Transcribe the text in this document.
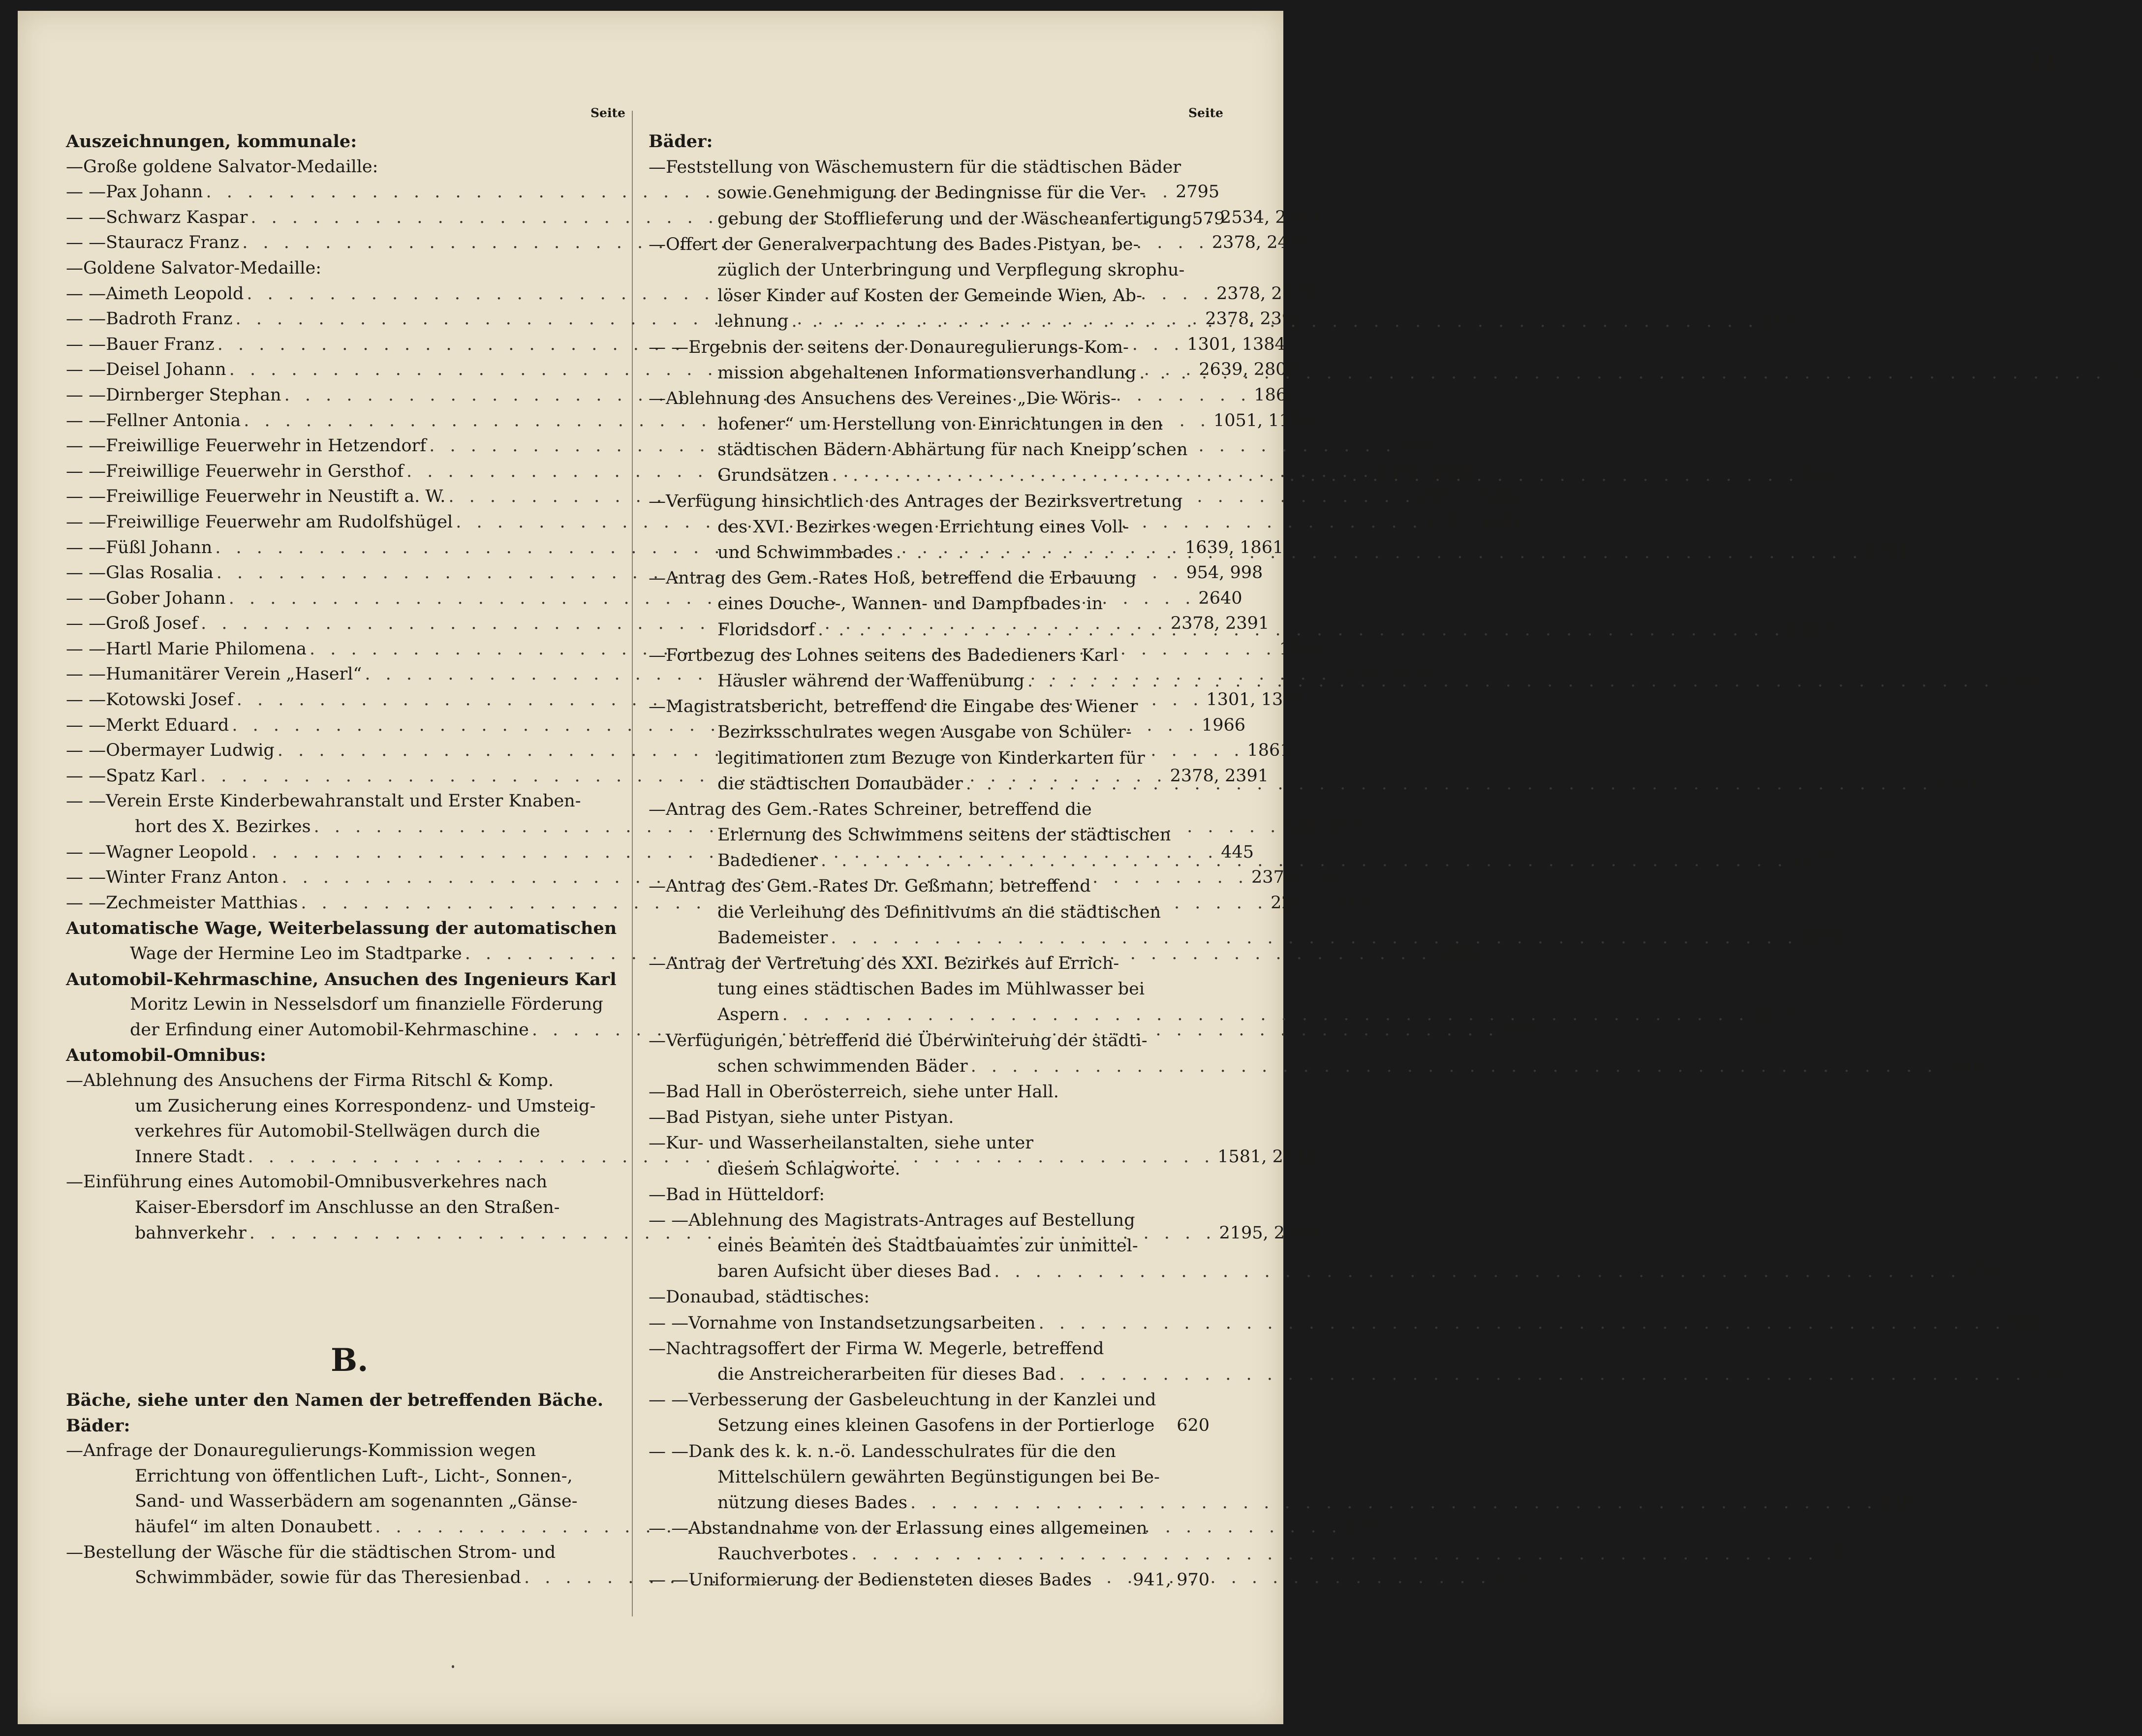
21
Seite	Seite
Auszeichnungen, kommunale:
— Große goldene Salvator-Medaille:
— — Pax Johann . . .	2795
— — Schwarz Kaspar . . .	2534, 2593
— — Stauracz Franz . . .	2378, 2414
— Goldene Salvator-Medaille:
— — Aimeth Leopold . . .	2378, 2379
— — Badroth Franz . . .	2378, 2391
— — Bauer Franz . . .	1301, 1384
— — Deisel Johann . . .	2639, 2802
— — Dirnberger Stephan . . .	1861
— — Fellner Antonia . . .	1051, 1180
— — Freiwillige Feuerwehr in Hetzendorf . . .	1861
— — Freiwillige Feuerwehr in Gersthof . . .	2471, 2568
— — Freiwillige Feuerwehr in Neustift a. W. . . .	2471, 2568
— — Freiwillige Feuerwehr am Rudolfshügel . . .	1721, 1861
— — Füßl Johann . . .	1639, 1861
— — Glas Rosalia . . .	954, 998
— — Gober Johann . . .	2640
— — Groß Josef . . .	2378, 2391
— — Hartl Marie Philomena . . .	1861
— — Humanitärer Verein „Haserl“ . . .	2639, 2826
— — Kotowski Josef . . .	1301, 1361
— — Merkt Eduard . . .	1966
— — Obermayer Ludwig . . .	1861
— — Spatz Karl . . .	2378, 2391
— — Verein Erste Kinderbewahranstalt und Erster Knaben-
hort des X. Bezirkes . . .	548, 617
— — Wagner Leopold . . .	445
— — Winter Franz Anton . . .	2378, 2391
— — Zechmeister Matthias . . .	2267, 2312
Automatische Wage, Weiterbelassung der automatischen
Wage der Hermine Leo im Stadtparke . . .	1606
Automobil-Kehrmaschine, Ansuchen des Ingenieurs Karl
Moritz Lewin in Nesselsdorf um finanzielle Förderung
der Erfindung einer Automobil-Kehrmaschine . . .	160
Automobil-Omnibus:
— Ablehnung des Ansuchens der Firma Ritschl & Komp.
um Zusicherung eines Korrespondenz- und Umsteig-
verkehres für Automobil-Stellwägen durch die
Innere Stadt . . .	1581, 2144
— Einführung eines Automobil-Omnibusverkehres nach
Kaiser-Ebersdorf im Anschlusse an den Straßen-
bahnverkehr . . .	2195, 2289
B.
Bäche, siehe unter den Namen der betreffenden Bäche.
Bäder:
— Anfrage der Donauregulierungs-Kommission wegen
Errichtung von öffentlichen Luft-, Licht-, Sonnen-,
Sand- und Wasserbädern am sogenannten „Gänse-
häufel“ im alten Donaubett . . .	337
— Bestellung der Wäsche für die städtischen Strom- und
Schwimmbäder, sowie für das Theresienbad . . .	574
Bäder:
— Feststellung von Wäschemustern für die städtischen Bäder
sowie Genehmigung der Bedingnisse für die Ver-
gebung der Stofflieferung und der Wäscheanfertigung 579
— Offert der Generalverpachtung des Bades Pistyan, be-
züglich der Unterbringung und Verpflegung skrophu-
löser Kinder auf Kosten der Gemeinde Wien, Ab-
lehnung . . .	615
— — Ergebnis der seitens der Donauregulierungs-Kom-
mission abgehaltenen Informationsverhandlung . . .	719
— Ablehnung des Ansuchens des Vereines „Die Wöris-
hofener“ um Herstellung von Einrichtungen in den
städtischen Bädern Abhärtung für nach Kneipp’schen
Grundsätzen . . .	996
— Verfügung hinsichtlich des Antrages der Bezirksvertretung
des XVI. Bezirkes wegen Errichtung eines Voll-
und Schwimmbades . . .	1221
— Antrag des Gem.-Rates Hoß, betreffend die Erbauung
eines Douche-, Wannen- und Dampfbades in
Floridsdorf . . .	1267
— Fortbezug des Lohnes seitens des Badedieners Karl
Häusler während der Waffenübung . . .	1304
— Magistratsbericht, betreffend die Eingabe des Wiener
Bezirksschulrates wegen Ausgabe von Schüler-
legitimationen zum Bezuge von Kinderkarten für
die städtischen Donaubäder . . .	1551
— Antrag des Gem.-Rates Schreiner, betreffend die
Erlernung des Schwimmens seitens der städtischen
Badediener . . .	1577
— Antrag des Gem.-Rates Dr. Geßmann, betreffend
die Verleihung des Definitivums an die städtischen
Bademeister . . .	2076
— Antrag der Vertretung des XXI. Bezirkes auf Errich-
tung eines städtischen Bades im Mühlwasser bei
Aspern . . .	2417
— Verfügungen, betreffend die Überwinterung der städti-
schen schwimmenden Bäder . . .	2546
— Bad Hall in Oberösterreich, siehe unter Hall.
— Bad Pistyan, siehe unter Pistyan.
— Kur- und Wasserheilanstalten, siehe unter
diesem Schlagworte.
— Bad in Hütteldorf:
— — Ablehnung des Magistrats-Antrages auf Bestellung
eines Beamten des Stadtbauamtes zur unmittel-
baren Aufsicht über dieses Bad . . .	470
— Donaubad, städtisches:
— — Vornahme von Instandsetzungsarbeiten . . .	598
— Nachtragsoffert der Firma W. Megerle, betreffend
die Anstreicherarbeiten für dieses Bad . . .	620
— — Verbesserung der Gasbeleuchtung in der Kanzlei und
Setzung eines kleinen Gasofens in der Portierloge 620
— — Dank des k. k. n.-ö. Landesschulrates für die den
Mittelschülern gewährten Begünstigungen bei Be-
nützung dieses Bades . . .	645
— — Abstandnahme von der Erlassung eines allgemeinen
Rauchverbotes . . .	787
— — Uniformierung der Bediensteten dieses Bades 941, 970
